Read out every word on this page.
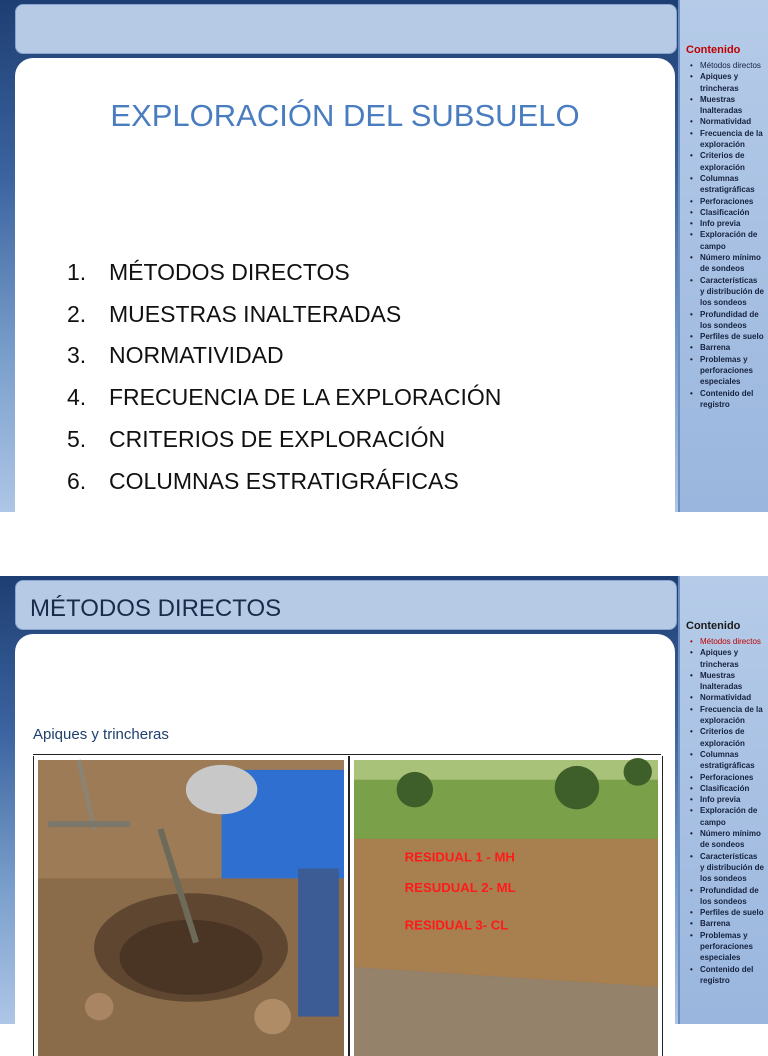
EXPLORACIÓN DEL SUBSUELO
1. MÉTODOS DIRECTOS
2. MUESTRAS INALTERADAS
3. NORMATIVIDAD
4. FRECUENCIA DE LA EXPLORACIÓN
5. CRITERIOS DE EXPLORACIÓN
6. COLUMNAS ESTRATIGRÁFICAS
Contenido
• Métodos directos
• Apiques y trincheras
• Muestras Inalteradas
• Normatividad
• Frecuencia de la exploración
• Criterios de exploración
• Columnas estratigráficas
• Perforaciones
• Clasificación
• Info previa
• Exploración de campo
• Número mínimo de sondeos
• Características y distribución de los sondeos
• Profundidad de los sondeos
• Perfiles de suelo
• Barrena
• Problemas y perforaciones especiales
• Contenido del registro
MÉTODOS DIRECTOS
Apiques y trincheras
RESIDUAL 1 - MH
RESUDUAL 2- ML
RESIDUAL 3- CL
Contenido
• Métodos directos
• Apiques y trincheras
• Muestras Inalteradas
• Normatividad
• Frecuencia de la exploración
• Criterios de exploración
• Columnas estratigráficas
• Perforaciones
• Clasificación
• Info previa
• Exploración de campo
• Número mínimo de sondeos
• Características y distribución de los sondeos
• Profundidad de los sondeos
• Perfiles de suelo
• Barrena
• Problemas y perforaciones especiales
• Contenido del registro
